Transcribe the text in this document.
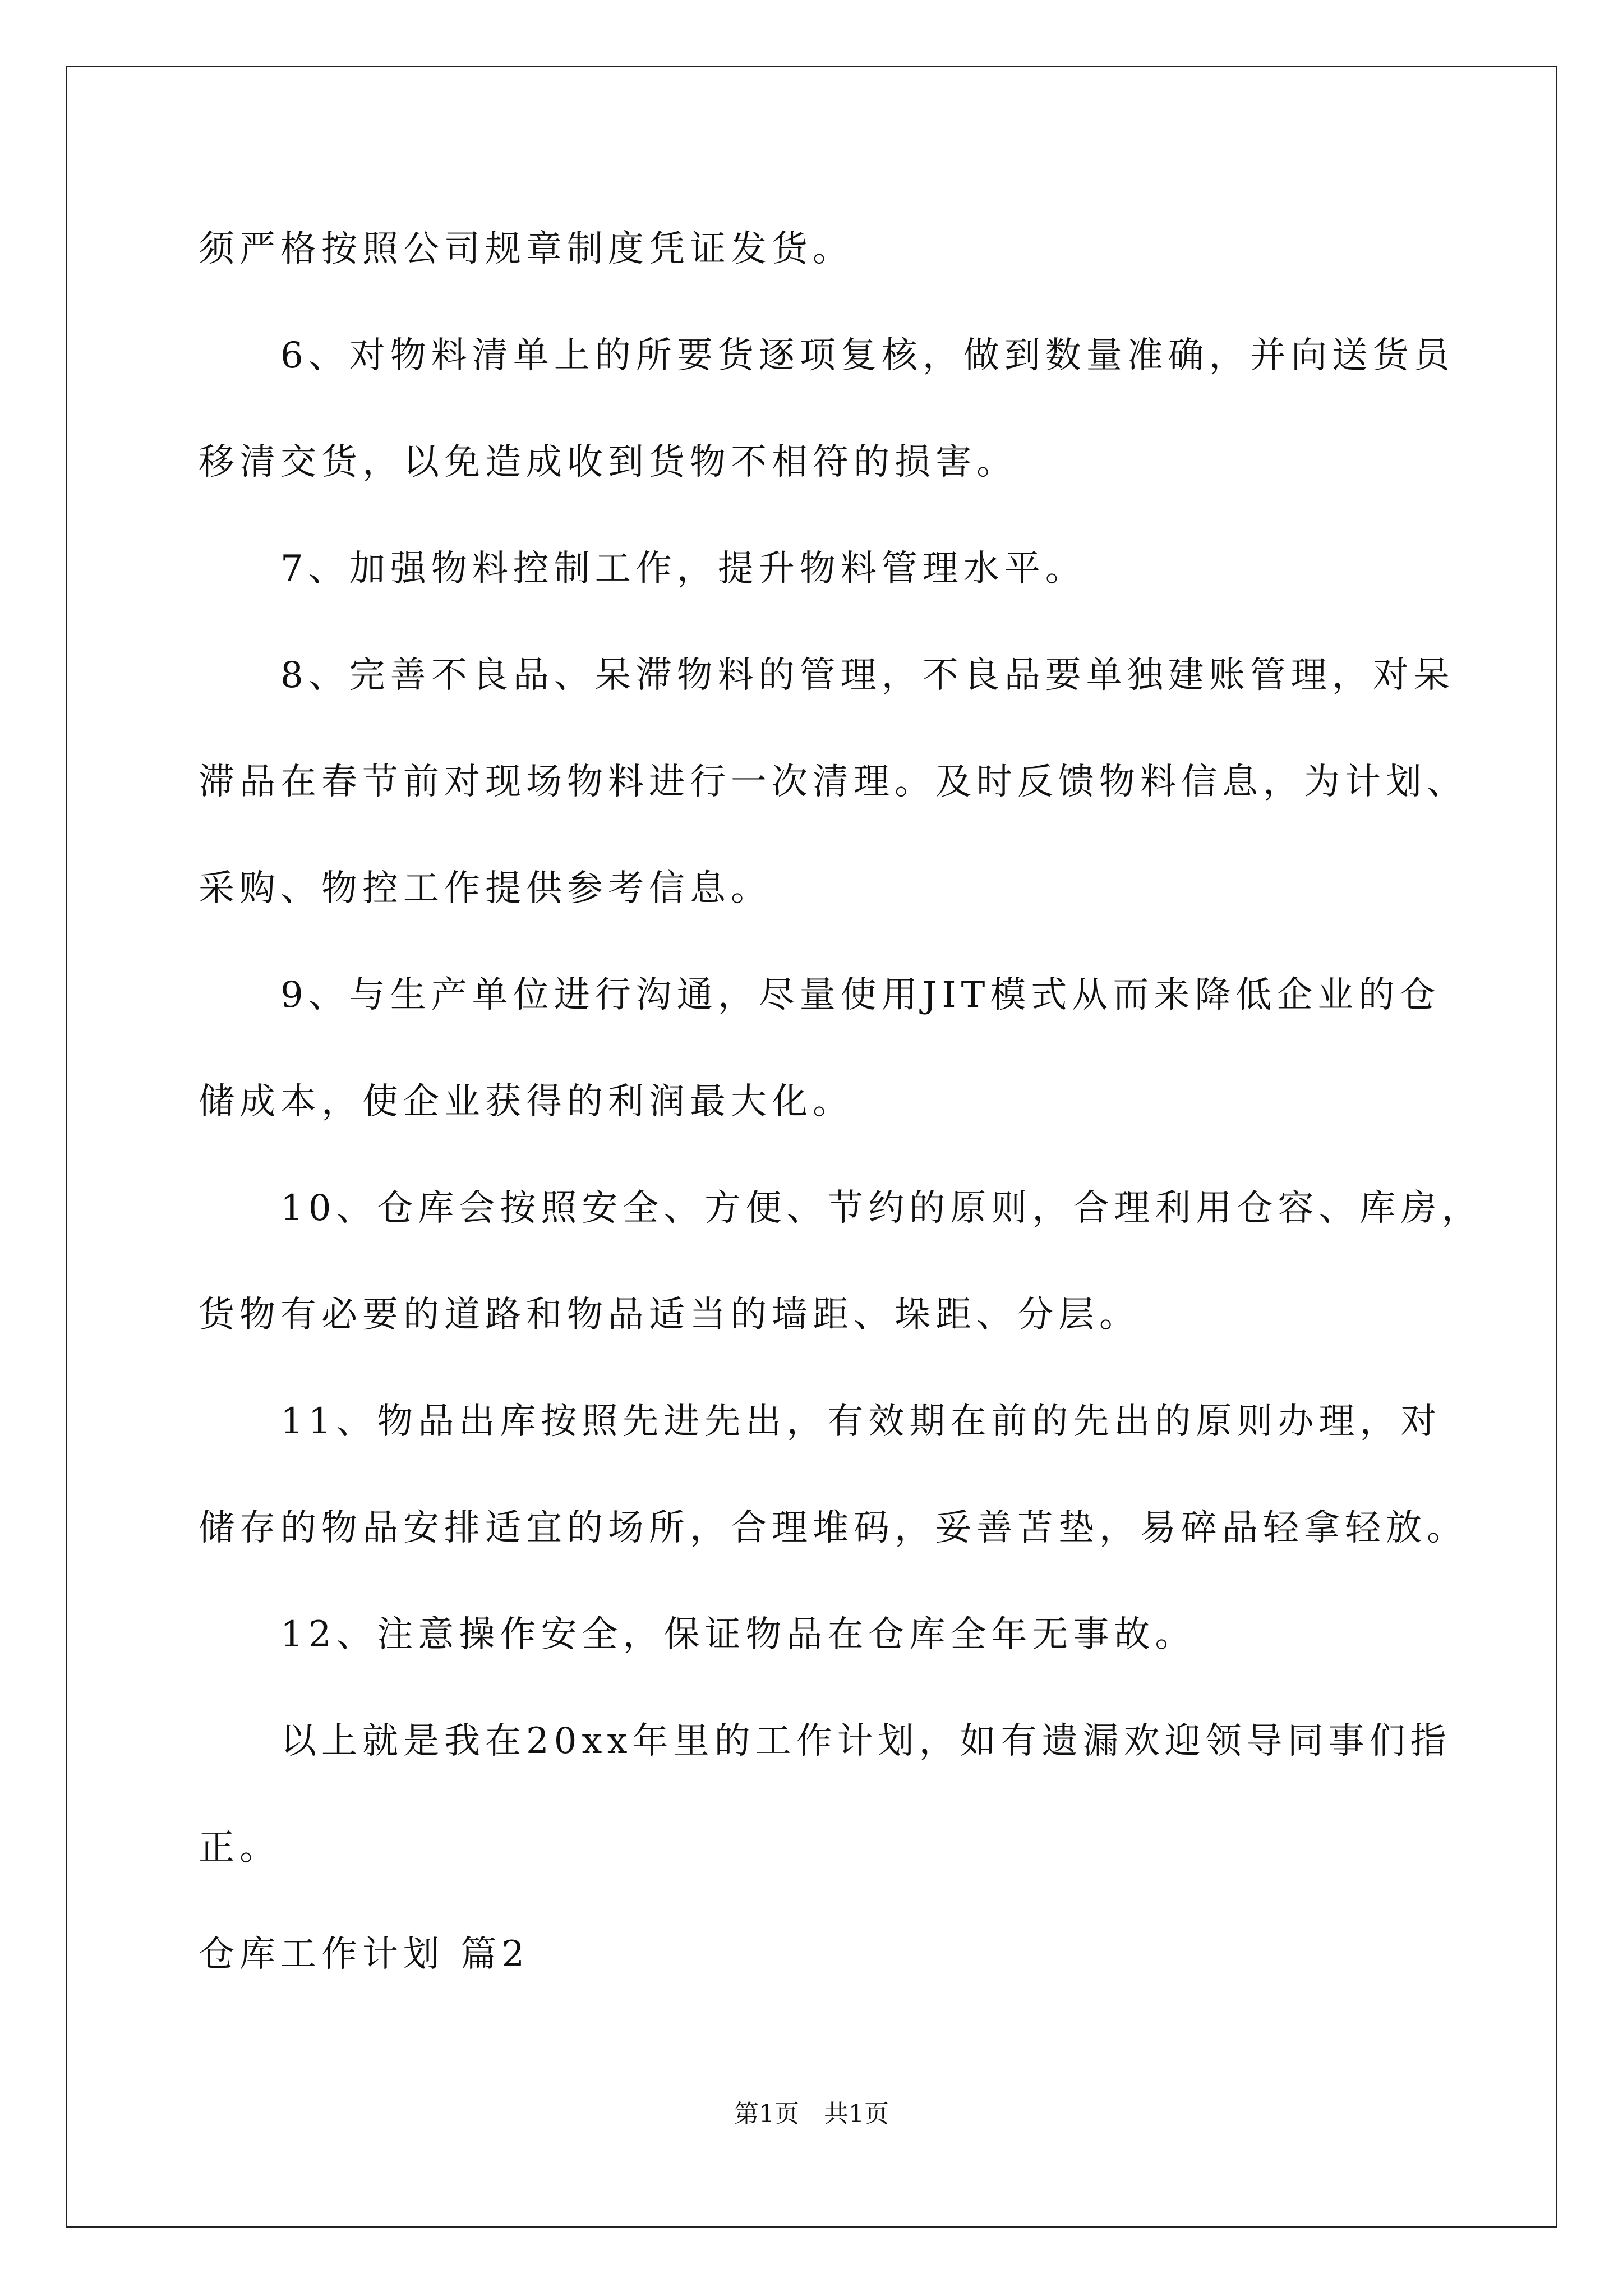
须严格按照公司规章制度凭证发货。
　　6、对物料清单上的所要货逐项复核，做到数量准确，并向送货员
移清交货，以免造成收到货物不相符的损害。
　　7、加强物料控制工作，提升物料管理水平。
　　8、完善不良品、呆滞物料的管理，不良品要单独建账管理，对呆
滞品在春节前对现场物料进行一次清理。及时反馈物料信息，为计划、
采购、物控工作提供参考信息。
　　9、与生产单位进行沟通，尽量使用JIT模式从而来降低企业的仓
储成本，使企业获得的利润最大化。
　　10、仓库会按照安全、方便、节约的原则，合理利用仓容、库房，
货物有必要的道路和物品适当的墙距、垛距、分层。
　　11、物品出库按照先进先出，有效期在前的先出的原则办理，对
储存的物品安排适宜的场所，合理堆码，妥善苫垫，易碎品轻拿轻放。
　　12、注意操作安全，保证物品在仓库全年无事故。
　　以上就是我在20xx年里的工作计划，如有遗漏欢迎领导同事们指
正。
仓库工作计划 篇2
第1页　共1页
